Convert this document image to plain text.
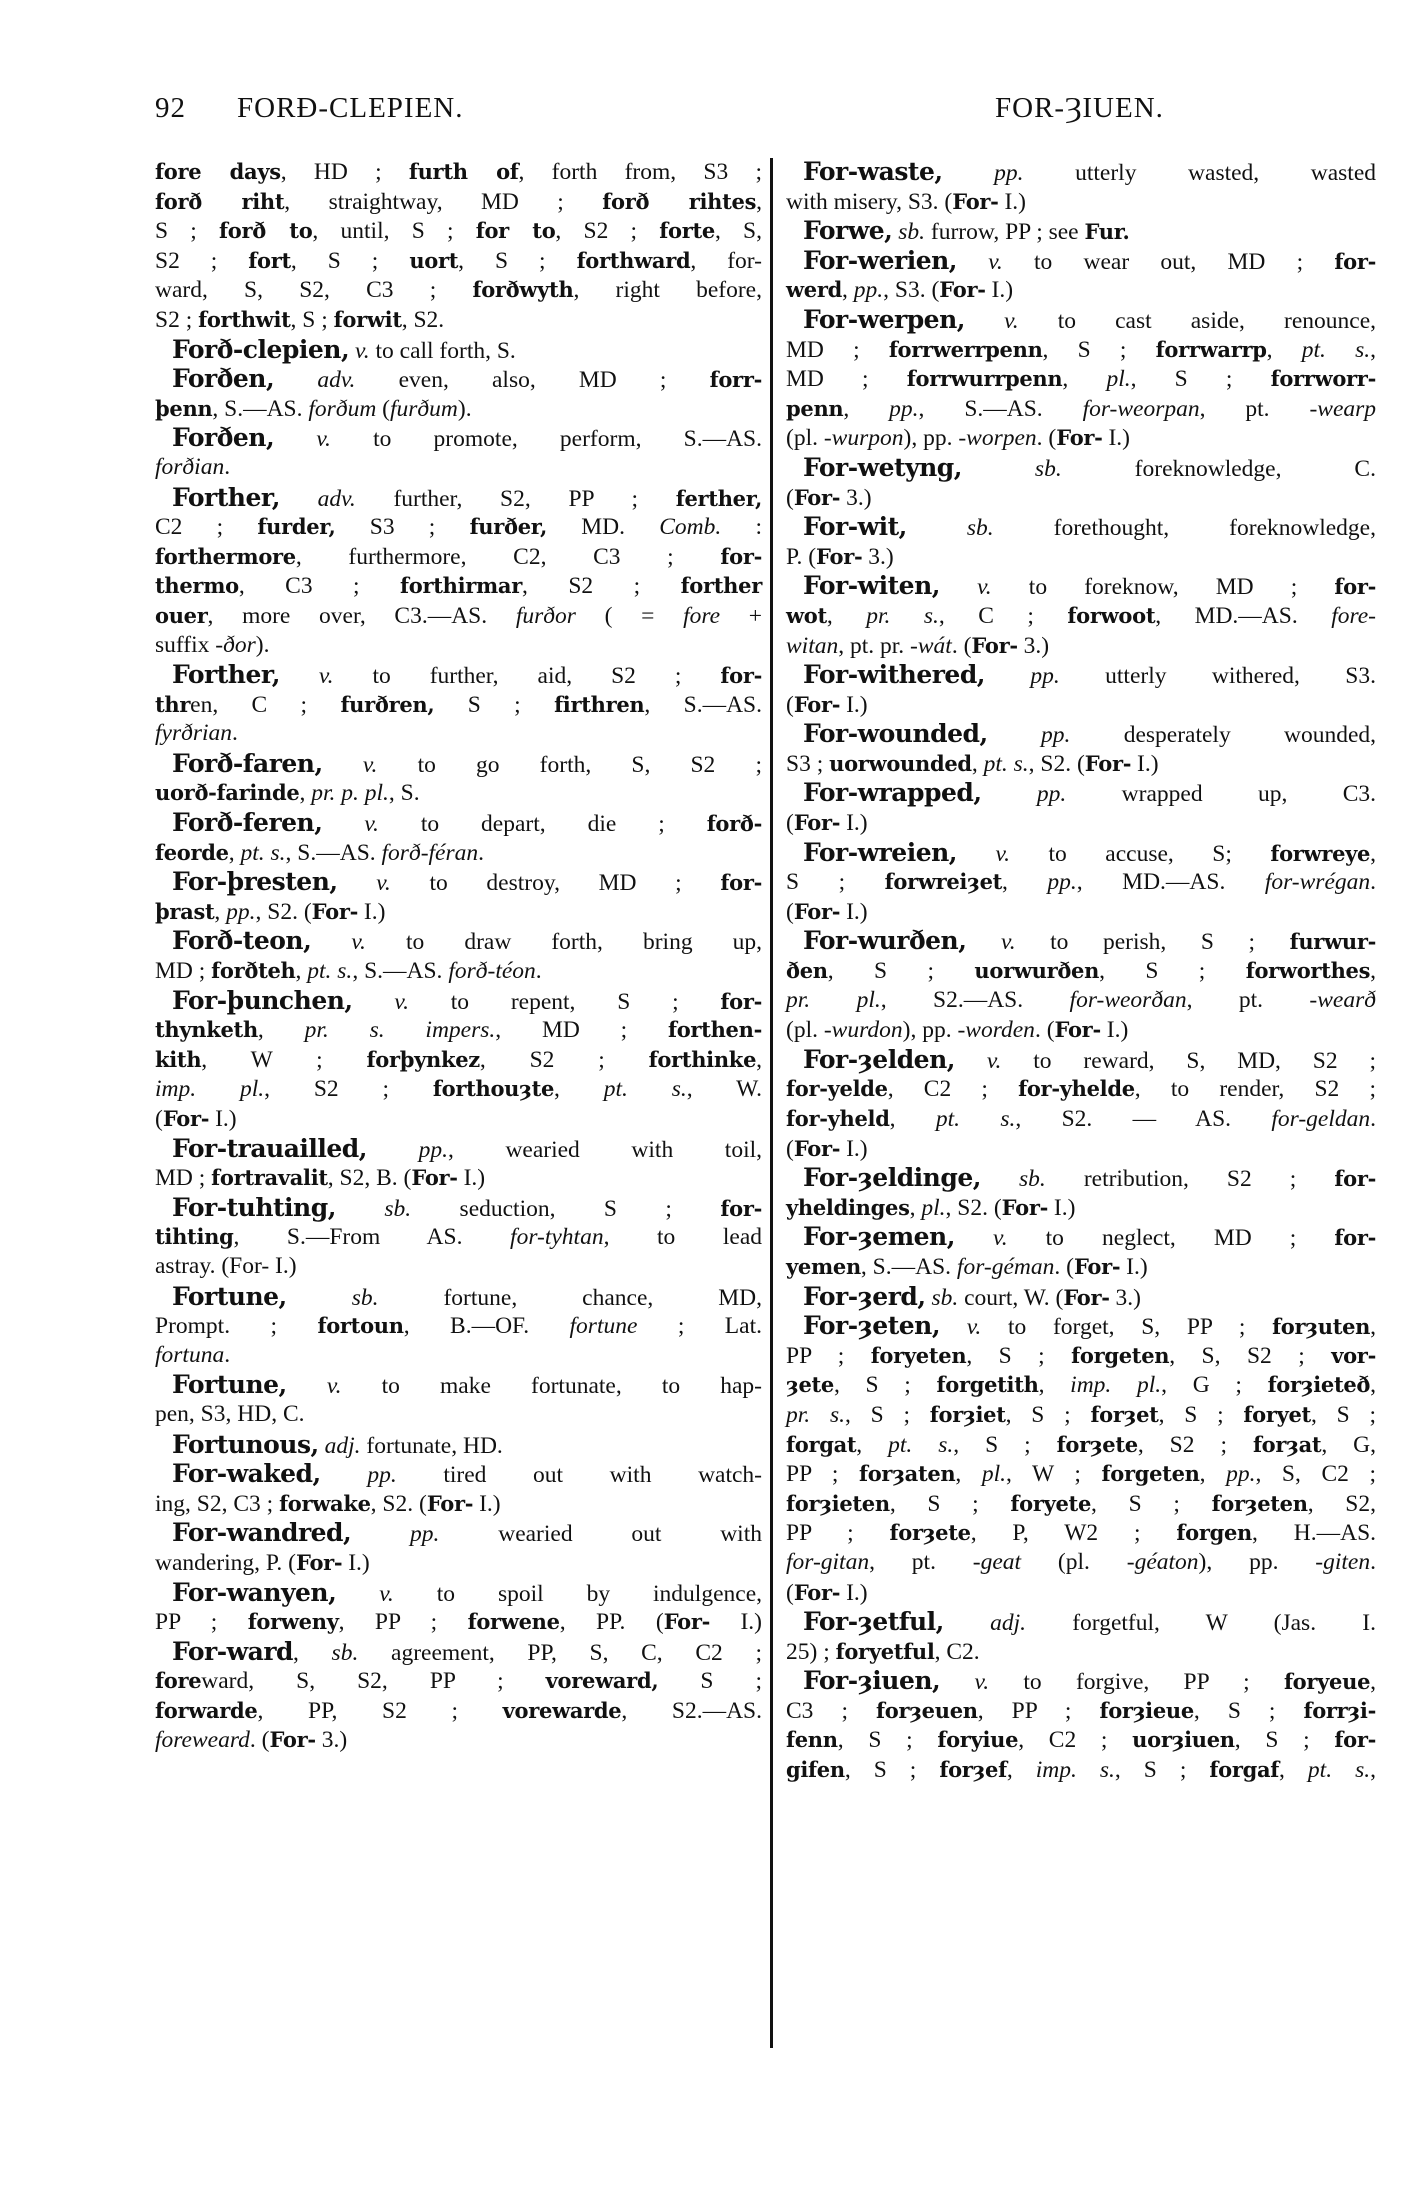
92 FORÐ-CLEPIEN.	FOR-ȜIUEN.
fore days, HD ; furth of, forth from, S3 ;
forð riht, straightway, MD ; forð rihtes,
S ; forð to, until, S ; for to, S2 ; forte, S,
S2 ; fort, S ; uort, S ; forthward, for-
ward, S, S2, C3 ; forðwyth, right before,
S2 ; forthwit, S ; forwit, S2.
Forð-clepien, v. to call forth, S.
Forðen, adv. even, also, MD ; forr-
þenn, S.—AS. forðum (furðum).
Forðen, v. to promote, perform, S.—AS.
forðian.
Forther, adv. further, S2, PP ; ferther,
C2 ; furder, S3 ; furðer, MD. Comb. :
forthermore, furthermore, C2, C3 ; for-
thermo, C3 ; forthirmar, S2 ; forther
ouer, more over, C3.—AS. furðor ( = fore +
suffix -ðor).
Forther, v. to further, aid, S2 ; for-
thren, C ; furðren, S ; firthren, S.—AS.
fyrðrian.
Forð-faren, v. to go forth, S, S2 ;
uorð-farinde, pr. p. pl., S.
Forð-feren, v. to depart, die ; forð-
feorde, pt. s., S.—AS. forð-féran.
For-þresten, v. to destroy, MD ; for-
þrast, pp., S2. (For- I.)
Forð-teon, v. to draw forth, bring up,
MD ; forðteh, pt. s., S.—AS. forð-téon.
For-þunchen, v. to repent, S ; for-
thynketh, pr. s. impers., MD ; forthen-
kith, W ; forþynkez, S2 ; forthinke,
imp. pl., S2 ; forthouȝte, pt. s., W.
(For- I.)
For-trauailled, pp., wearied with toil,
MD ; fortravalit, S2, B. (For- I.)
For-tuhting, sb. seduction, S ; for-
tihting, S.—From AS. for-tyhtan, to lead
astray. (For- I.)
Fortune, sb. fortune, chance, MD,
Prompt. ; fortoun, B.—OF. fortune ; Lat.
fortuna.
Fortune, v. to make fortunate, to hap-
pen, S3, HD, C.
Fortunous, adj. fortunate, HD.
For-waked, pp. tired out with watch-
ing, S2, C3 ; forwake, S2. (For- I.)
For-wandred, pp. wearied out with
wandering, P. (For- I.)
For-wanyen, v. to spoil by indulgence,
PP ; forweny, PP ; forwene, PP. (For- I.)
For-ward, sb. agreement, PP, S, C, C2 ;
foreward, S, S2, PP ; voreward, S ;
forwarde, PP, S2 ; vorewarde, S2.—AS.
foreweard. (For- 3.)
For-waste, pp. utterly wasted, wasted
with misery, S3. (For- I.)
Forwe, sb. furrow, PP ; see Fur.
For-werien, v. to wear out, MD ; for-
werd, pp., S3. (For- I.)
For-werpen, v. to cast aside, renounce,
MD ; forrwerrpenn, S ; forrwarrp, pt. s.,
MD ; forrwurrpenn, pl., S ; forrworr-
penn, pp., S.—AS. for-weorpan, pt. -wearp
(pl. -wurpon), pp. -worpen. (For- I.)
For-wetyng, sb. foreknowledge, C.
(For- 3.)
For-wit, sb. forethought, foreknowledge,
P. (For- 3.)
For-witen, v. to foreknow, MD ; for-
wot, pr. s., C ; forwoot, MD.—AS. fore-
witan, pt. pr. -wát. (For- 3.)
For-withered, pp. utterly withered, S3.
(For- I.)
For-wounded, pp. desperately wounded,
S3 ; uorwounded, pt. s., S2. (For- I.)
For-wrapped, pp. wrapped up, C3.
(For- I.)
For-wreien, v. to accuse, S; forwreye,
S ; forwreiȝet, pp., MD.—AS. for-wrégan.
(For- I.)
For-wurðen, v. to perish, S ; furwur-
ðen, S ; uorwurðen, S ; forworthes,
pr. pl., S2.—AS. for-weorðan, pt. -wearð
(pl. -wurdon), pp. -worden. (For- I.)
For-ȝelden, v. to reward, S, MD, S2 ;
for-yelde, C2 ; for-yhelde, to render, S2 ;
for-yheld, pt. s., S2. — AS. for-geldan.
(For- I.)
For-ȝeldinge, sb. retribution, S2 ; for-
yheldinges, pl., S2. (For- I.)
For-ȝemen, v. to neglect, MD ; for-
yemen, S.—AS. for-géman. (For- I.)
For-ȝerd, sb. court, W. (For- 3.)
For-ȝeten, v. to forget, S, PP ; forȝuten,
PP ; foryeten, S ; forgeten, S, S2 ; vor-
ȝete, S ; forgetith, imp. pl., G ; forȝieteð,
pr. s., S ; forȝiet, S ; forȝet, S ; foryet, S ;
forgat, pt. s., S ; forȝete, S2 ; forȝat, G,
PP ; forȝaten, pl., W ; forgeten, pp., S, C2 ;
forȝieten, S ; foryete, S ; forȝeten, S2,
PP ; forȝete, P, W2 ; forgen, H.—AS.
for-gitan, pt. -geat (pl. -géaton), pp. -giten.
(For- I.)
For-ȝetful, adj. forgetful, W (Jas. I.
25) ; foryetful, C2.
For-ȝiuen, v. to forgive, PP ; foryeue,
C3 ; forȝeuen, PP ; forȝieue, S ; forrȝi-
fenn, S ; foryiue, C2 ; uorȝiuen, S ; for-
gifen, S ; forȝef, imp. s., S ; forgaf, pt. s.,
